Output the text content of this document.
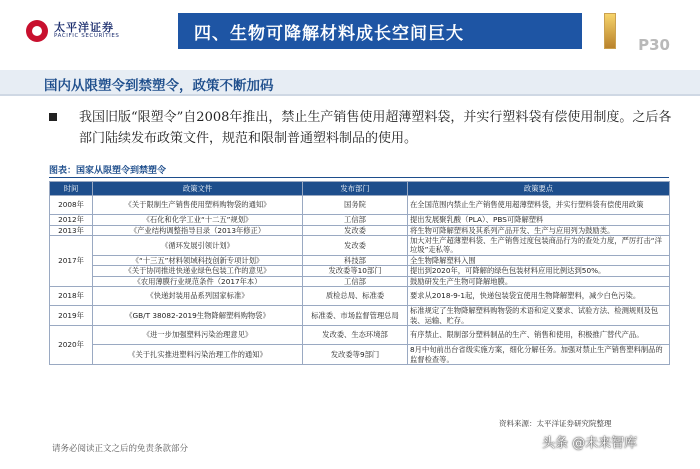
太平洋证券
PACIFIC SECURITIES	四、生物可降解材料成长空间巨大
P30
国内从限塑令到禁塑令，政策不断加码
我国旧版“限塑令”自2008年推出，禁止生产销售使用超薄塑料袋，并实行塑料袋有偿使用制度。之后各部门陆续发布政策文件，规范和限制普通塑料制品的使用。
图表：国家从限塑令到禁塑令
时间	政策文件	发布部门	政策要点
2008年	《关于限制生产销售使用塑料购物袋的通知》	国务院	在全国范围内禁止生产销售使用超薄塑料袋，并实行塑料袋有偿使用政策
2012年	《石化和化学工业“十二五”规划》	工信部	提出发展聚乳酸（PLA）、PBS可降解塑料
2013年	《产业结构调整指导目录（2013年修正）	发改委	将生物可降解塑料及其系列产品开发、生产与应用列为鼓励类。
2017年	《循环发展引领计划》	发改委	加大对生产超薄塑料袋、生产销售过度包装商品行为的查处力度，严厉打击“洋垃圾”走私等。
	《“十三五”材料领域科技创新专项计划》	科技部	全生物降解塑料入围
	《关于协同推进快递业绿色包装工作的意见》	发改委等10部门	提出到2020年，可降解的绿色包装材料应用比例达到50%。
	《农用薄膜行业规范条件（2017年本）	工信部	鼓励研发生产生物可降解地膜。
2018年	《快递封装用品系列国家标准》	质检总局、标准委	要求从2018-9-1起，快递包装袋宜使用生物降解塑料，减少白色污染。
2019年	《GB/T 38082-2019生物降解塑料购物袋》	标准委、市场监督管理总局	标准规定了生物降解塑料购物袋的术语和定义要求、试验方法、检测规则及包装、运输、贮存。
2020年	《进一步加强塑料污染治理意见》	发改委、生态环境部	有序禁止、限制部分塑料制品的生产、销售和使用，积极推广替代产品。
	《关于扎实推进塑料污染治理工作的通知》	发改委等9部门	8月中旬前出台省级实施方案，细化分解任务。加强对禁止生产销售塑料制品的监督检查等。
资料来源：太平洋证券研究院整理
请务必阅读正文之后的免责条款部分	头条 @未来智库
